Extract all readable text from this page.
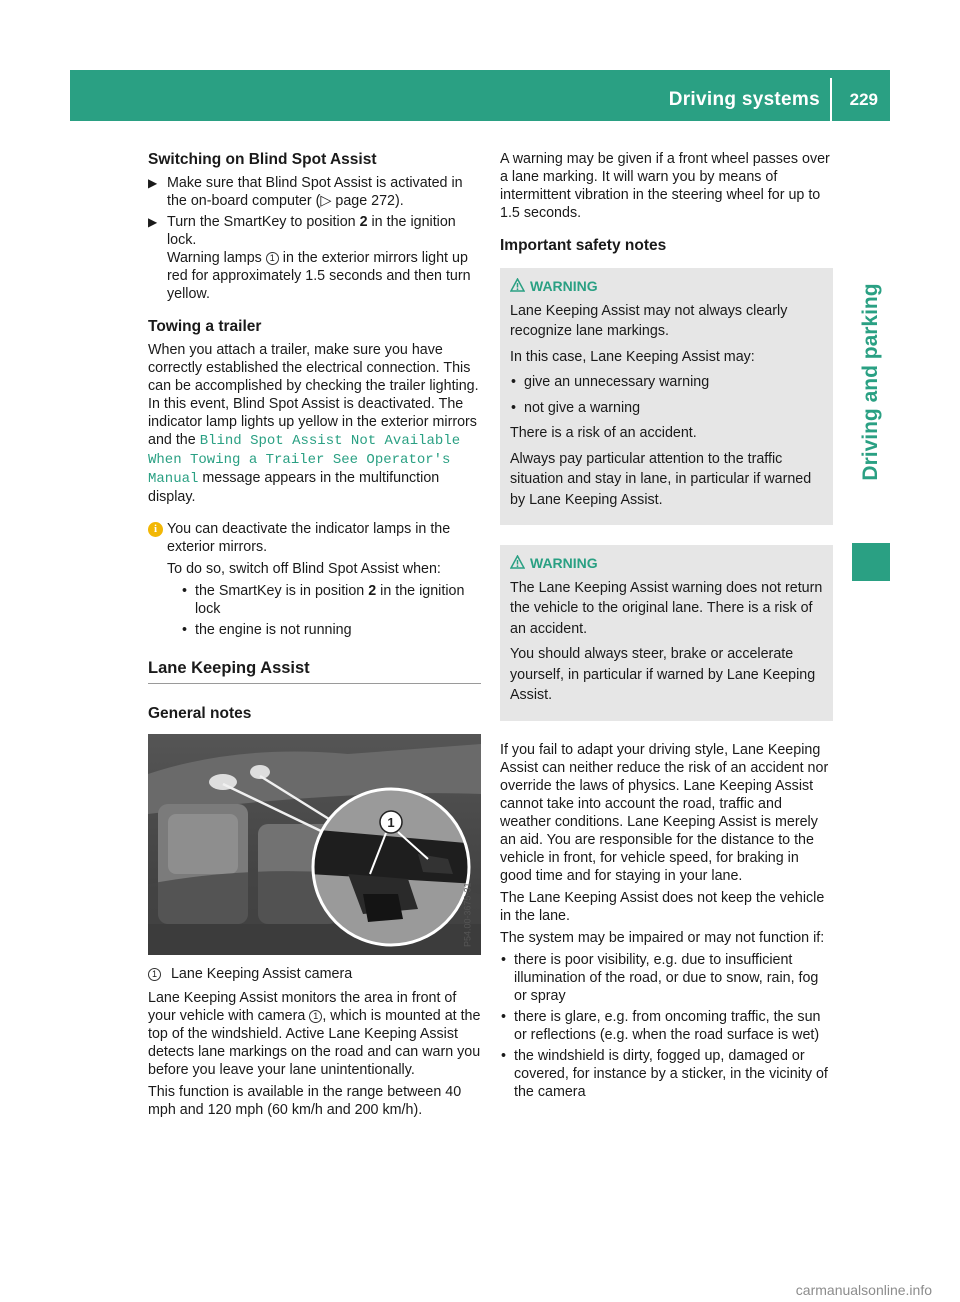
Driving systems 229
Driving and parking
Switching on Blind Spot Assist
▶ Make sure that Blind Spot Assist is activated in the on-board computer (▷ page 272).
▶ Turn the SmartKey to position 2 in the ignition lock.
Warning lamps 1 in the exterior mirrors light up red for approximately 1.5 seconds and then turn yellow.
Towing a trailer

When you attach a trailer, make sure you have correctly established the electrical connection. This can be accomplished by checking the trailer lighting. In this event, Blind Spot Assist is deactivated. The indicator lamp lights up yellow in the exterior mirrors and the Blind Spot Assist Not Available When Towing a Trailer See Operator's Manual message appears in the multifunction display.

i You can deactivate the indicator lamps in the exterior mirrors.

To do so, switch off Blind Spot Assist when:

• the SmartKey is in position 2 in the ignition lock
• the engine is not running
Lane Keeping Assist
General notes
1
P54.00-3675-31

1 Lane Keeping Assist camera

Lane Keeping Assist monitors the area in front of your vehicle with camera 1 , which is mounted at the top of the windshield. Active Lane Keeping Assist detects lane markings on the road and can warn you before you leave your lane unintentionally.

This function is available in the range between 40 mph and 120 mph (60 km/h and 200 km/h).

A warning may be given if a front wheel passes over a lane marking. It will warn you by means of intermittent vibration in the steering wheel for up to 1.5 seconds.

Important safety notes
WARNING

Lane Keeping Assist may not always clearly recognize lane markings.

In this case, Lane Keeping Assist may:

• give an unnecessary warning
• not give a warning

There is a risk of an accident.

Always pay particular attention to the traffic situation and stay in lane, in particular if warned by Lane Keeping Assist.

WARNING

The Lane Keeping Assist warning does not return the vehicle to the original lane. There is a risk of an accident.

You should always steer, brake or accelerate yourself, in particular if warned by Lane Keeping Assist.

If you fail to adapt your driving style, Lane Keeping Assist can neither reduce the risk of an accident nor override the laws of physics. Lane Keeping Assist cannot take into account the road, traffic and weather conditions. Lane Keeping Assist is merely an aid. You are responsible for the distance to the vehicle in front, for vehicle speed, for braking in good time and for staying in your lane.

The Lane Keeping Assist does not keep the vehicle in the lane.

The system may be impaired or may not function if:

• there is poor visibility, e.g. due to insufficient illumination of the road, or due to snow, rain, fog or spray
• there is glare, e.g. from oncoming traffic, the sun or reflections (e.g. when the road surface is wet)
• the windshield is dirty, fogged up, damaged or covered, for instance by a sticker, in the vicinity of the camera
carmanualsonline.info
